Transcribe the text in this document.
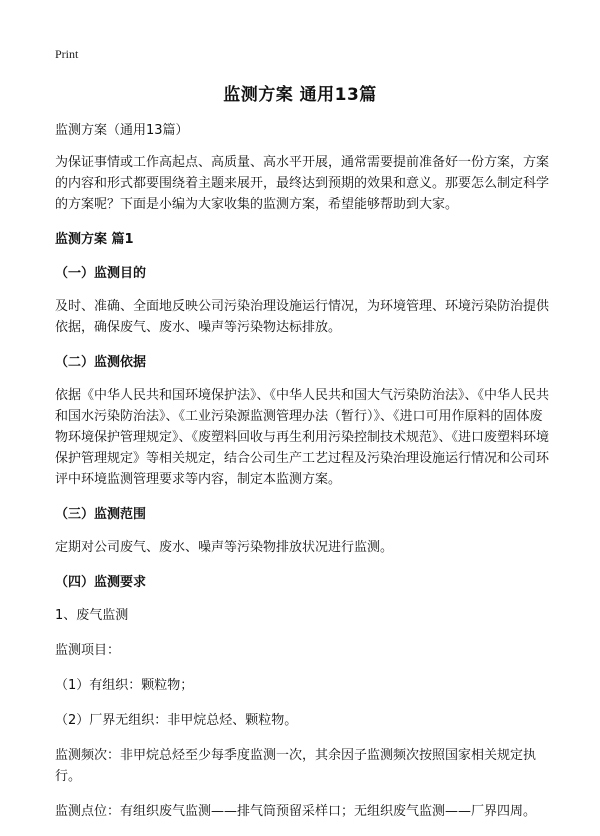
Print
监测方案 通用13篇

监测方案（通用13篇）

为保证事情或工作高起点、高质量、高水平开展，通常需要提前准备好一份方案，方案的内容和形式都要围绕着主题来展开，最终达到预期的效果和意义。那要怎么制定科学的方案呢？下面是小编为大家收集的监测方案，希望能够帮助到大家。

监测方案 篇1

（一）监测目的

及时、准确、全面地反映公司污染治理设施运行情况，为环境管理、环境污染防治提供依据，确保废气、废水、噪声等污染物达标排放。

（二）监测依据

依据《中华人民共和国环境保护法》、《中华人民共和国大气污染防治法》、《中华人民共和国水污染防治法》、《工业污染源监测管理办法（暂行）》、《进口可用作原料的固体废物环境保护管理规定》、《废塑料回收与再生利用污染控制技术规范》、《进口废塑料环境保护管理规定》等相关规定，结合公司生产工艺过程及污染治理设施运行情况和公司环评中环境监测管理要求等内容，制定本监测方案。

（三）监测范围

定期对公司废气、废水、噪声等污染物排放状况进行监测。

（四）监测要求

1、废气监测

监测项目：

（1）有组织：颗粒物；

（2）厂界无组织：非甲烷总烃、颗粒物。

监测频次：非甲烷总烃至少每季度监测一次，其余因子监测频次按照国家相关规定执行。

监测点位：有组织废气监测——排气筒预留采样口；无组织废气监测——厂界四周。
